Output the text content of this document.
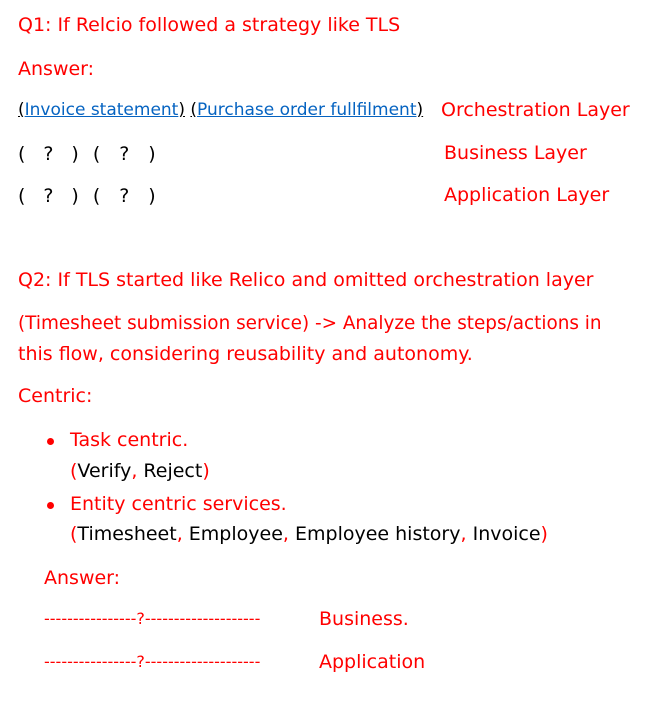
Q1: If Relcio followed a strategy like TLS
Answer:
(Invoice statement) (Purchase order fullfilment) Orchestration Layer
( ? ) ( ? )	Business Layer
( ? ) ( ? )	Application Layer
Q2: If TLS started like Relico and omitted orchestration layer
(Timesheet submission service) -> Analyze the steps/actions in
this flow, considering reusability and autonomy.
Centric:
Task centric.
(Verify, Reject)
Entity centric services.
(Timesheet, Employee, Employee history, Invoice)
Answer:
----------------?--------------------	Business.
----------------?--------------------	Application
